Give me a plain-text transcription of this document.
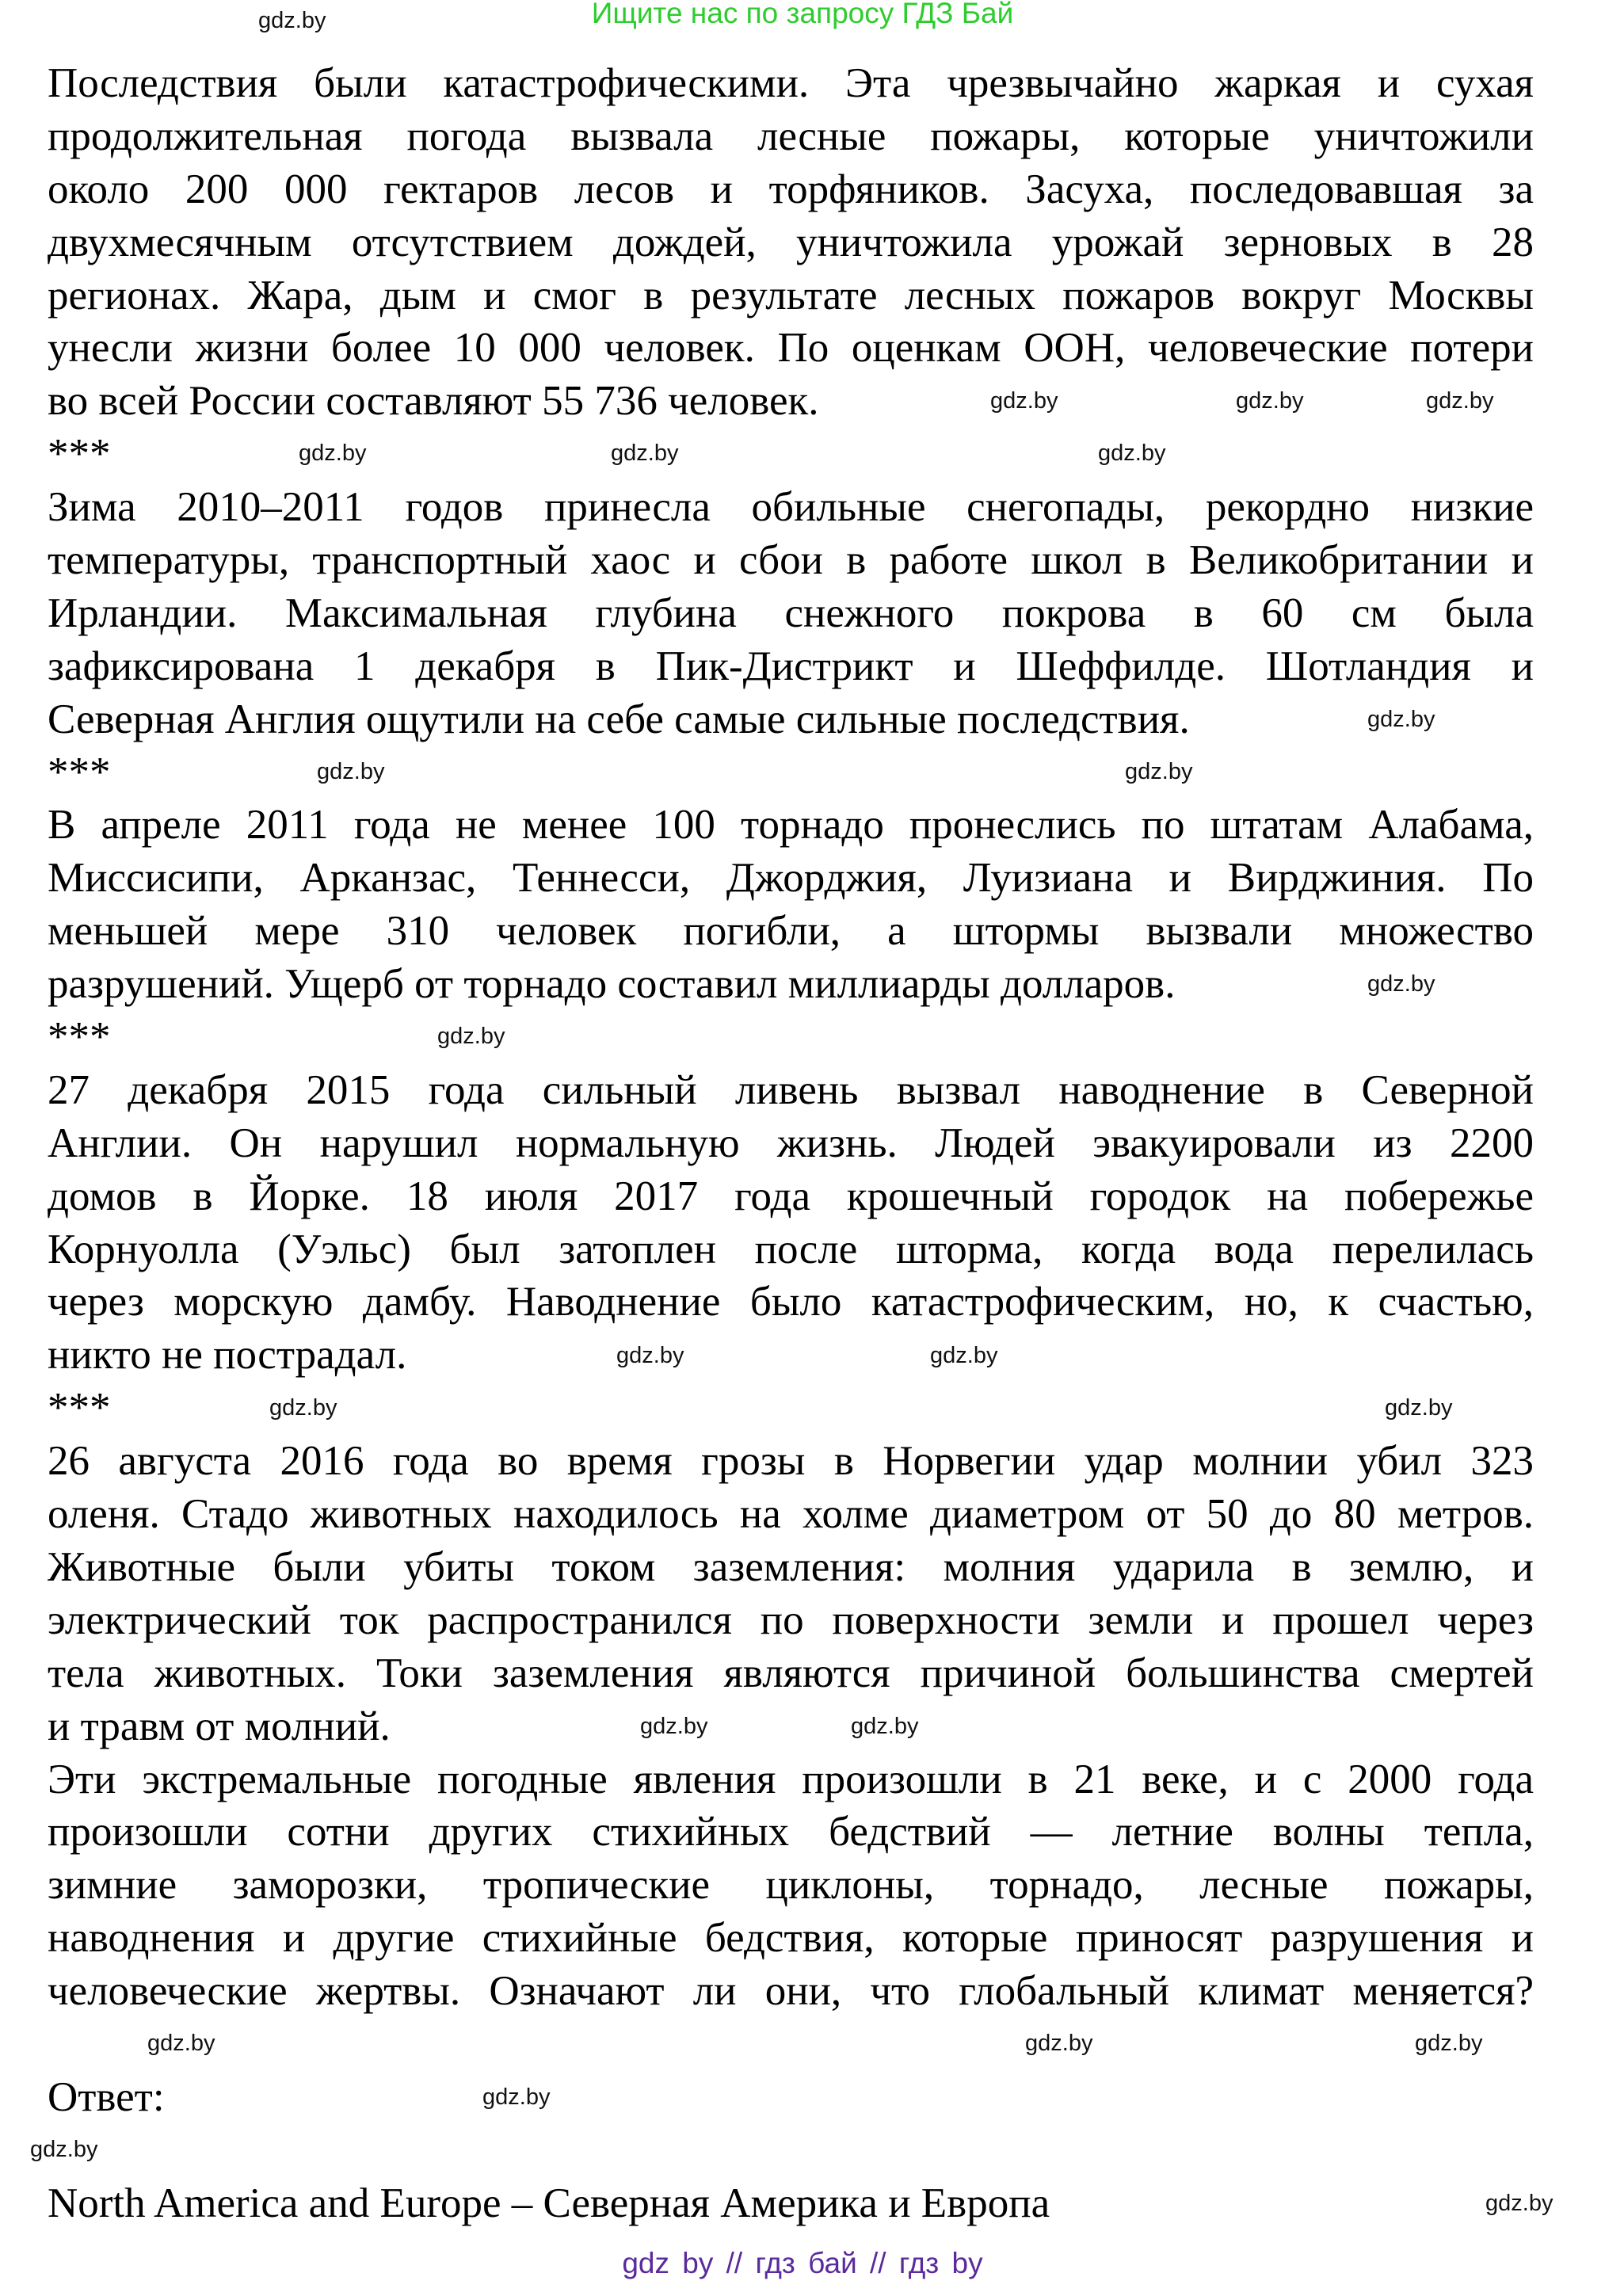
Ищите нас по запросу ГДЗ Бай
Последствия были катастрофическими. Эта чрезвычайно жаркая и сухая
продолжительная погода вызвала лесные пожары, которые уничтожили
около 200 000 гектаров лесов и торфяников. Засуха, последовавшая за
двухмесячным отсутствием дождей, уничтожила урожай зерновых в 28
регионах. Жара, дым и смог в результате лесных пожаров вокруг Москвы
унесли жизни более 10 000 человек. По оценкам ООН, человеческие потери
во всей России составляют 55 736 человек.
***
Зима 2010–2011 годов принесла обильные снегопады, рекордно низкие
температуры, транспортный хаос и сбои в работе школ в Великобритании и
Ирландии. Максимальная глубина снежного покрова в 60 см была
зафиксирована 1 декабря в Пик-Дистрикт и Шеффилде. Шотландия и
Северная Англия ощутили на себе самые сильные последствия.
***
В апреле 2011 года не менее 100 торнадо пронеслись по штатам Алабама,
Миссисипи, Арканзас, Теннесси, Джорджия, Луизиана и Вирджиния. По
меньшей мере 310 человек погибли, а штормы вызвали множество
разрушений. Ущерб от торнадо составил миллиарды долларов.
***
27 декабря 2015 года сильный ливень вызвал наводнение в Северной
Англии. Он нарушил нормальную жизнь. Людей эвакуировали из 2200
домов в Йорке. 18 июля 2017 года крошечный городок на побережье
Корнуолла (Уэльс) был затоплен после шторма, когда вода перелилась
через морскую дамбу. Наводнение было катастрофическим, но, к счастью,
никто не пострадал.
***
26 августа 2016 года во время грозы в Норвегии удар молнии убил 323
оленя. Стадо животных находилось на холме диаметром от 50 до 80 метров.
Животные были убиты током заземления: молния ударила в землю, и
электрический ток распространился по поверхности земли и прошел через
тела животных. Токи заземления являются причиной большинства смертей
и травм от молний.
Эти экстремальные погодные явления произошли в 21 веке, и с 2000 года
произошли сотни других стихийных бедствий — летние волны тепла,
зимние заморозки, тропические циклоны, торнадо, лесные пожары,
наводнения и другие стихийные бедствия, которые приносят разрушения и
человеческие жертвы. Означают ли они, что глобальный климат меняется?
Ответ:
North America and Europe – Северная Америка и Европа
gdz.by
gdz.by	gdz.by	gdz.by
gdz.by
gdz.by	gdz.by
gdz.by
gdz.by
gdz.by
gdz.by
gdz.by
gdz.by	gdz.by
gdz.by	gdz.by
gdz.by
gdz.by
gdz.by	gdz.by
gdz.by
gdz.by
gdz.by
gdz.by
gdz by // гдз бай // гдз by
